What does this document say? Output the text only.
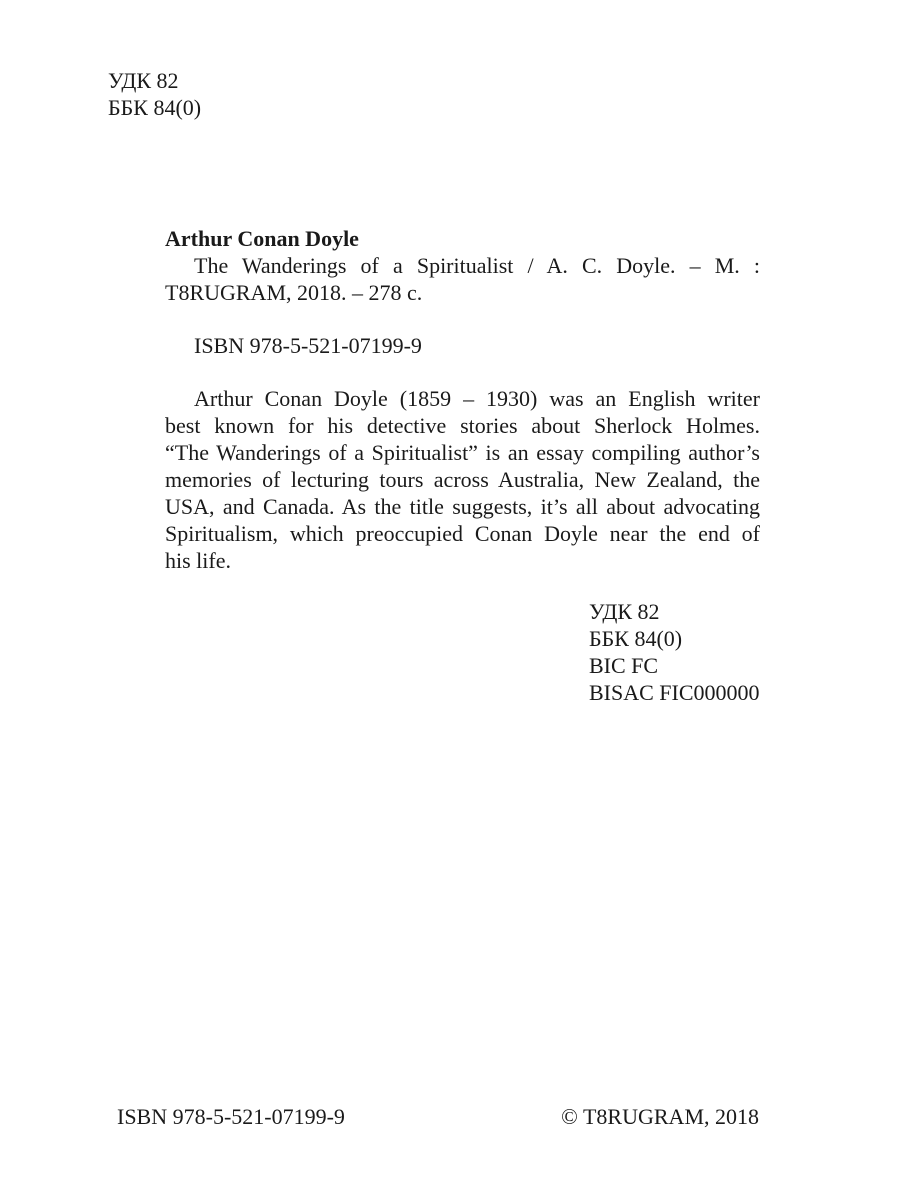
УДК 82
ББК 84(0)
Arthur Conan Doyle
The Wanderings of a Spiritualist / A. C. Doyle. – M. :
T8RUGRAM, 2018. – 278 c.
ISBN 978-5-521-07199-9
Arthur Conan Doyle (1859 – 1930) was an English writer
best known for his detective stories about Sherlock Holmes.
“The Wanderings of a Spiritualist” is an essay compiling author’s
memories of lecturing tours across Australia, New Zealand, the
USA, and Canada. As the title suggests, it’s all about advocating
Spiritualism, which preoccupied Conan Doyle near the end of
his life.
УДК 82
ББК 84(0)
BIC FC
BISAC FIC000000
ISBN 978-5-521-07199-9	© T8RUGRAM, 2018
